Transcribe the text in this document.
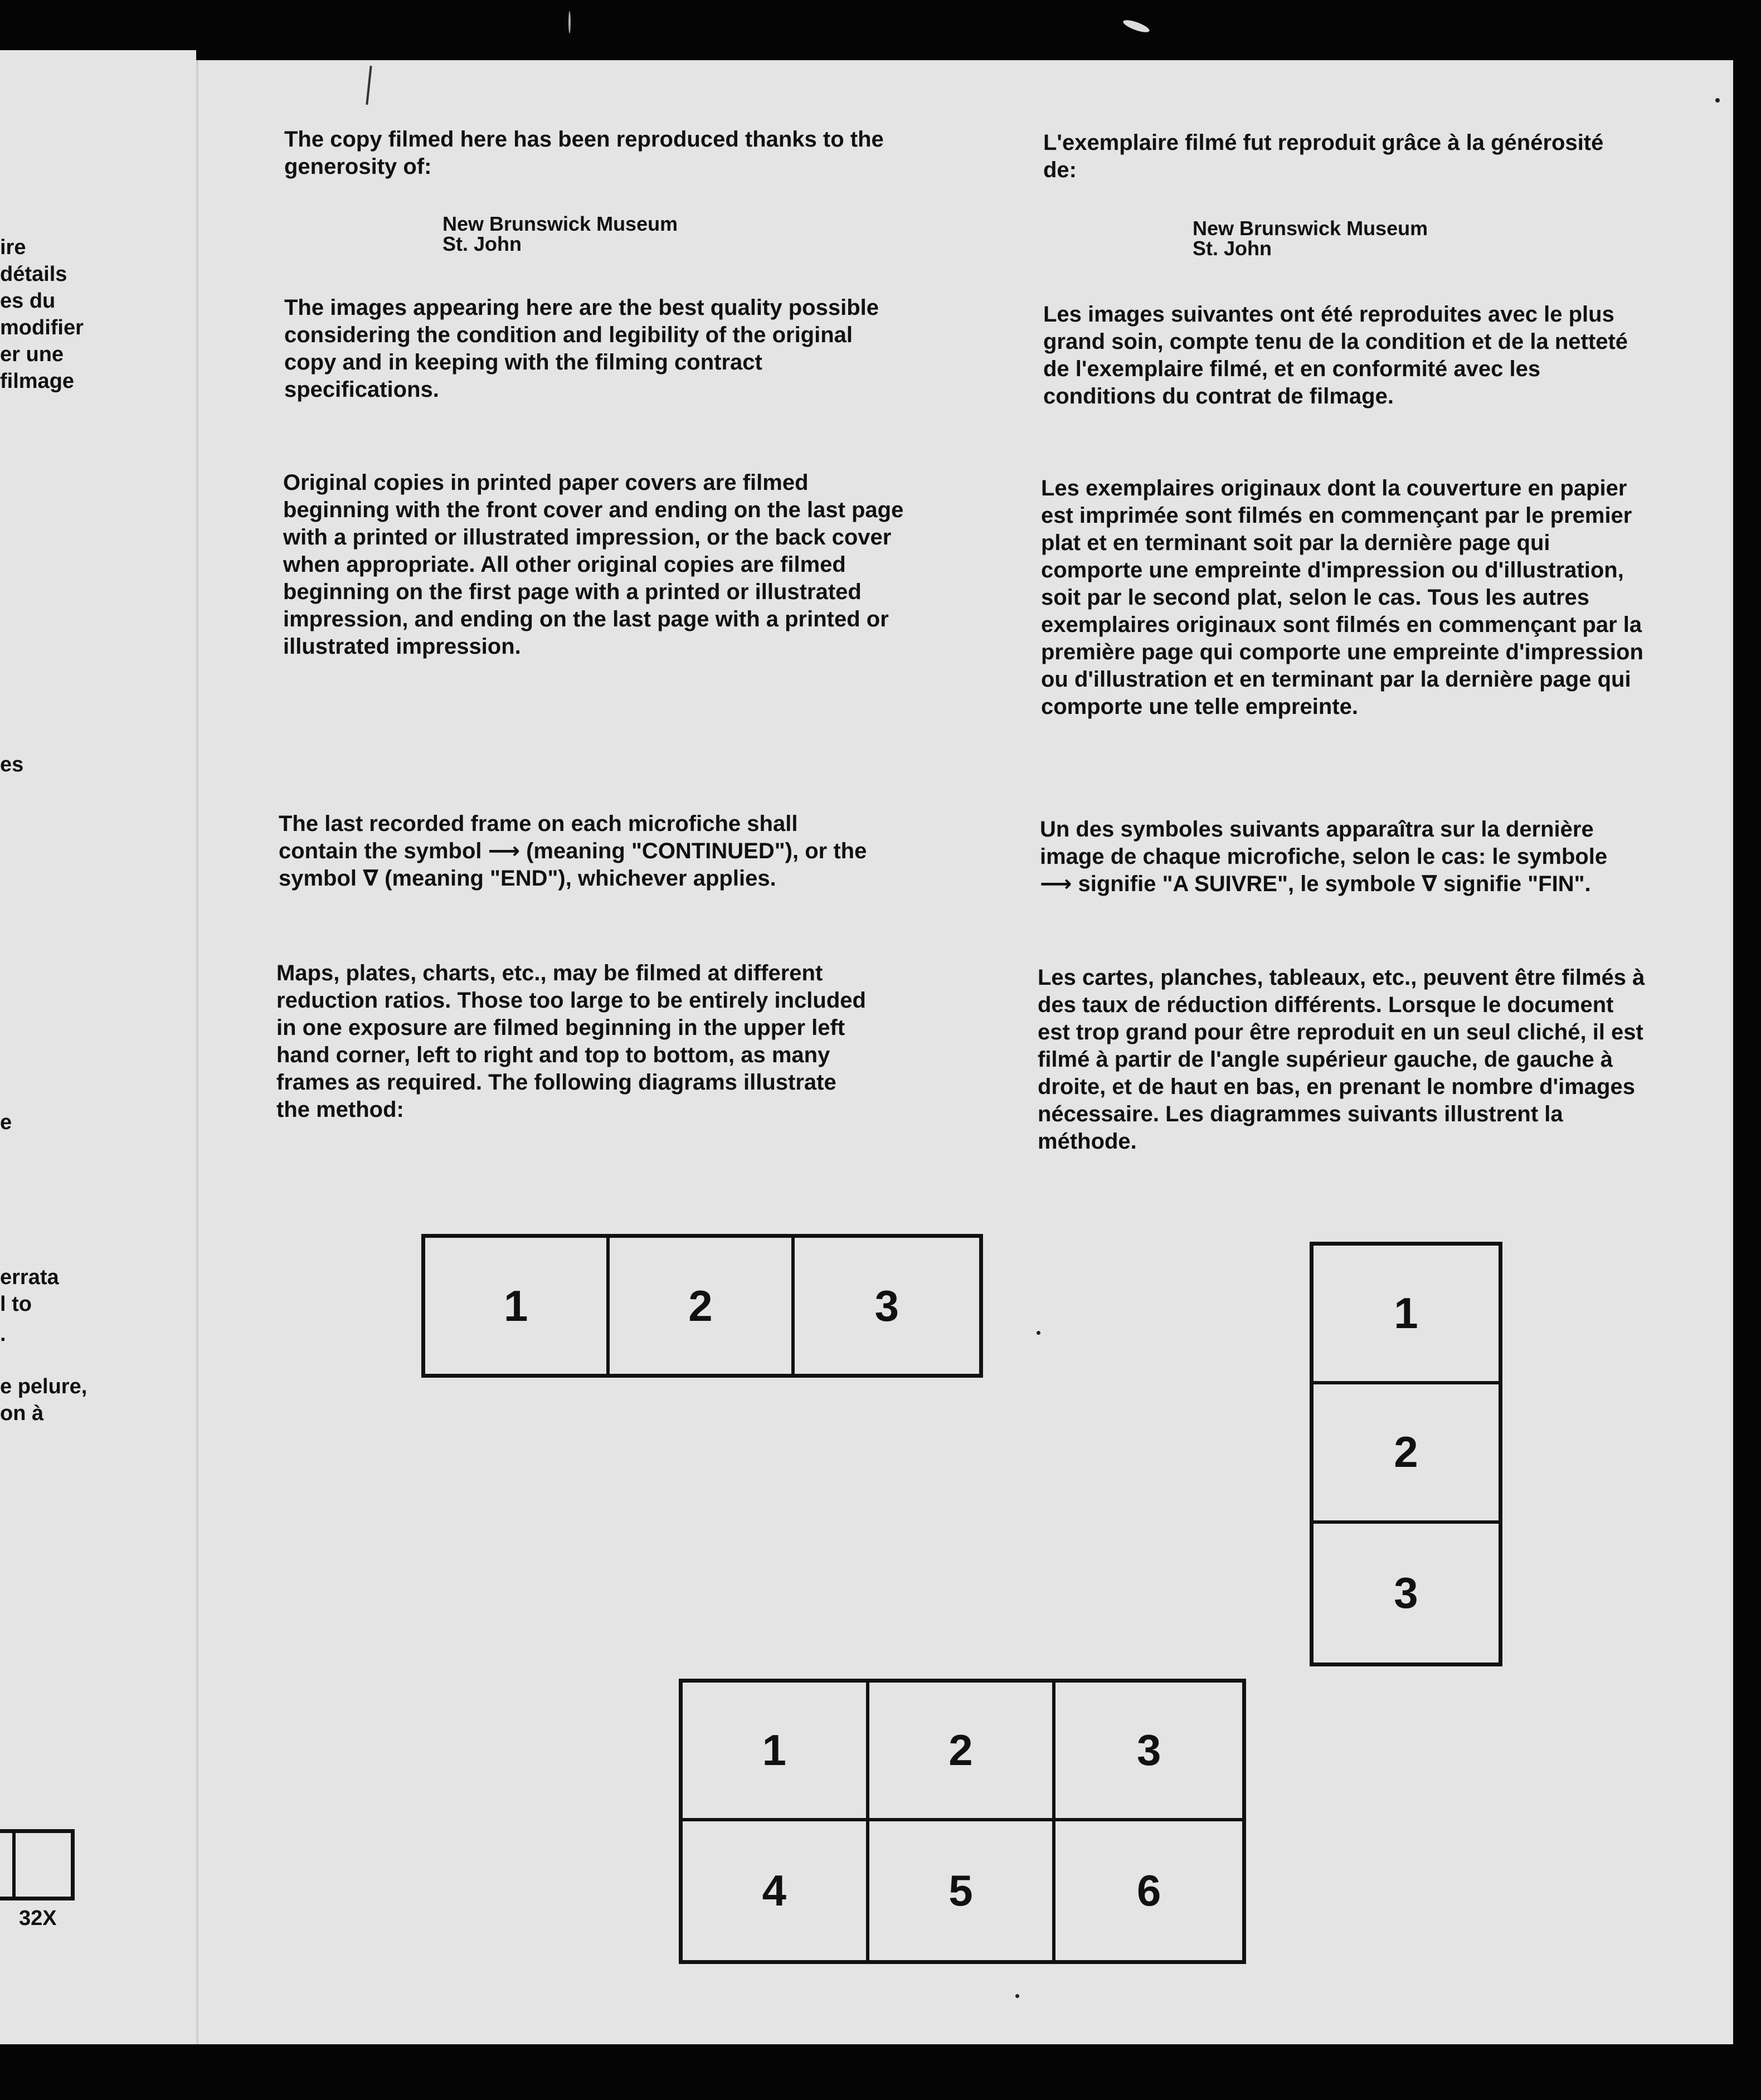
ire
détails
es du
modifier
er une
filmage
es
e
errata
l to
.
e pelure,
on à
32X
The copy filmed here has been reproduced thanks to the generosity of:
New Brunswick Museum
St. John
The images appearing here are the best quality possible considering the condition and legibility of the original copy and in keeping with the filming contract specifications.
Original copies in printed paper covers are filmed beginning with the front cover and ending on the last page with a printed or illustrated impression, or the back cover when appropriate. All other original copies are filmed beginning on the first page with a printed or illustrated impression, and ending on the last page with a printed or illustrated impression.
The last recorded frame on each microfiche shall contain the symbol ⟶ (meaning "CONTINUED"), or the symbol ∇ (meaning "END"), whichever applies.
Maps, plates, charts, etc., may be filmed at different reduction ratios. Those too large to be entirely included in one exposure are filmed beginning in the upper left hand corner, left to right and top to bottom, as many frames as required. The following diagrams illustrate the method:
L'exemplaire filmé fut reproduit grâce à la générosité de:
New Brunswick Museum
St. John
Les images suivantes ont été reproduites avec le plus grand soin, compte tenu de la condition et de la netteté de l'exemplaire filmé, et en conformité avec les conditions du contrat de filmage.
Les exemplaires originaux dont la couverture en papier est imprimée sont filmés en commençant par le premier plat et en terminant soit par la dernière page qui comporte une empreinte d'impression ou d'illustration, soit par le second plat, selon le cas. Tous les autres exemplaires originaux sont filmés en commençant par la première page qui comporte une empreinte d'impression ou d'illustration et en terminant par la dernière page qui comporte une telle empreinte.
Un des symboles suivants apparaîtra sur la dernière image de chaque microfiche, selon le cas: le symbole ⟶ signifie "A SUIVRE", le symbole ∇ signifie "FIN".
Les cartes, planches, tableaux, etc., peuvent être filmés à des taux de réduction différents. Lorsque le document est trop grand pour être reproduit en un seul cliché, il est filmé à partir de l'angle supérieur gauche, de gauche à droite, et de haut en bas, en prenant le nombre d'images nécessaire. Les diagrammes suivants illustrent la méthode.
1	2	3	1
2
3
1	2	3
4	5	6
